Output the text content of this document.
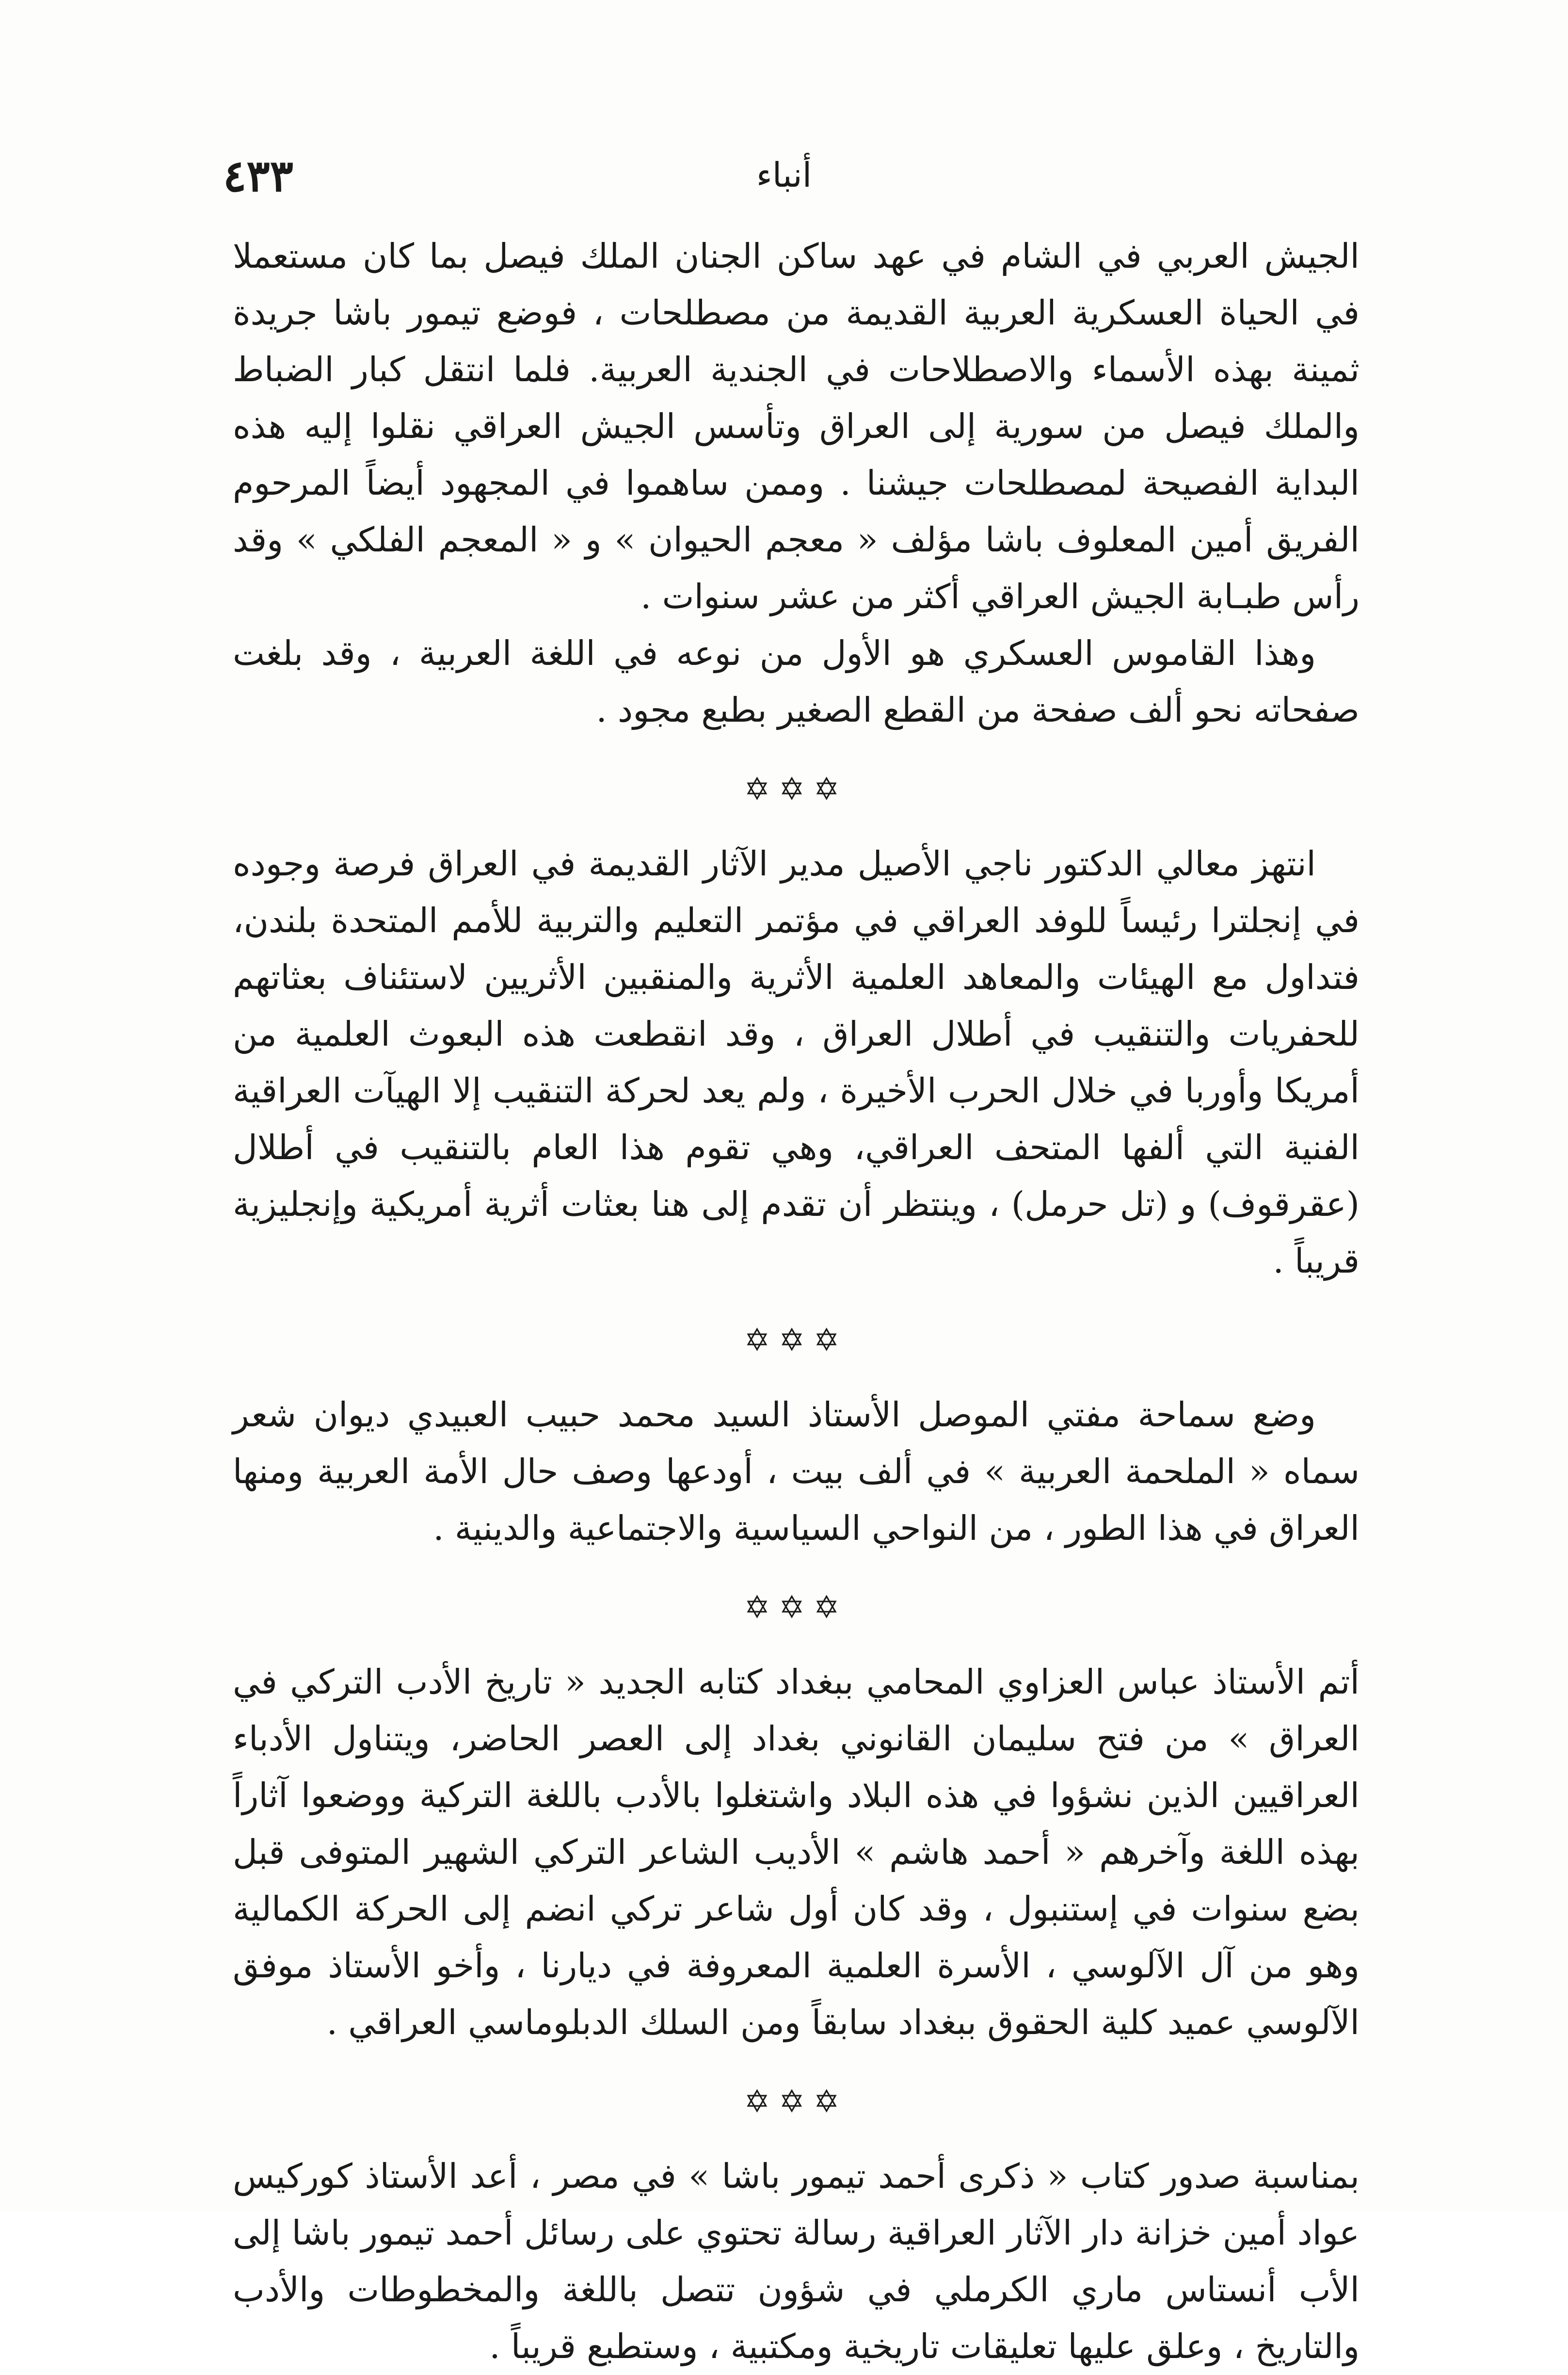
٤٣٣	أنباء

الجيش العربي في الشام في عهد ساكن الجنان الملك فيصل بما كان مستعملا في الحياة العسكرية العربية القديمة من مصطلحات ، فوضع تيمور باشا جريدة ثمينة بهذه الأسماء والاصطلاحات في الجندية العربية. فلما انتقل كبار الضباط والملك فيصل من سورية إلى العراق وتأسس الجيش العراقي نقلوا إليه هذه البداية الفصيحة لمصطلحات جيشنا . وممن ساهموا في المجهود أيضاً المرحوم الفريق أمين المعلوف باشا مؤلف « معجم الحيوان » و « المعجم الفلكي » وقد رأس طبـابة الجيش العراقي أكثر من عشر سنوات .

وهذا القاموس العسكري هو الأول من نوعه في اللغة العربية ، وقد بلغت صفحاته نحو ألف صفحة من القطع الصغير بطبع مجود .

✡✡✡

انتهز معالي الدكتور ناجي الأصيل مدير الآثار القديمة في العراق فرصة وجوده في إنجلترا رئيساً للوفد العراقي في مؤتمر التعليم والتربية للأمم المتحدة بلندن، فتداول مع الهيئات والمعاهد العلمية الأثرية والمنقبين الأثريين لاستئناف بعثاتهم للحفريات والتنقيب في أطلال العراق ، وقد انقطعت هذه البعوث العلمية من أمريكا وأوربا في خلال الحرب الأخيرة ، ولم يعد لحركة التنقيب إلا الهيآت العراقية الفنية التي ألفها المتحف العراقي، وهي تقوم هذا العام بالتنقيب في أطلال (عقرقوف) و (تل حرمل) ، وينتظر أن تقدم إلى هنا بعثات أثرية أمريكية وإنجليزية قريباً .

✡✡✡

وضع سماحة مفتي الموصل الأستاذ السيد محمد حبيب العبيدي ديوان شعر سماه « الملحمة العربية » في ألف بيت ، أودعها وصف حال الأمة العربية ومنها العراق في هذا الطور ، من النواحي السياسية والاجتماعية والدينية .

✡✡✡

أتم الأستاذ عباس العزاوي المحامي ببغداد كتابه الجديد « تاريخ الأدب التركي في العراق » من فتح سليمان القانوني بغداد إلى العصر الحاضر، ويتناول الأدباء العراقيين الذين نشؤوا في هذه البلاد واشتغلوا بالأدب باللغة التركية ووضعوا آثاراً بهذه اللغة وآخرهم « أحمد هاشم » الأديب الشاعر التركي الشهير المتوفى قبل بضع سنوات في إستنبول ، وقد كان أول شاعر تركي انضم إلى الحركة الكمالية وهو من آل الآلوسي ، الأسرة العلمية المعروفة في ديارنا ، وأخو الأستاذ موفق الآلوسي عميد كلية الحقوق ببغداد سابقاً ومن السلك الدبلوماسي العراقي .

✡✡✡

بمناسبة صدور كتاب « ذكرى أحمد تيمور باشا » في مصر ، أعد الأستاذ كوركيس عواد أمين خزانة دار الآثار العراقية رسالة تحتوي على رسائل أحمد تيمور باشا إلى الأب أنستاس ماري الكرملي في شؤون تتصل باللغة والمخطوطات والأدب والتاريخ ، وعلق عليها تعليقات تاريخية ومكتبية ، وستطبع قريباً .
